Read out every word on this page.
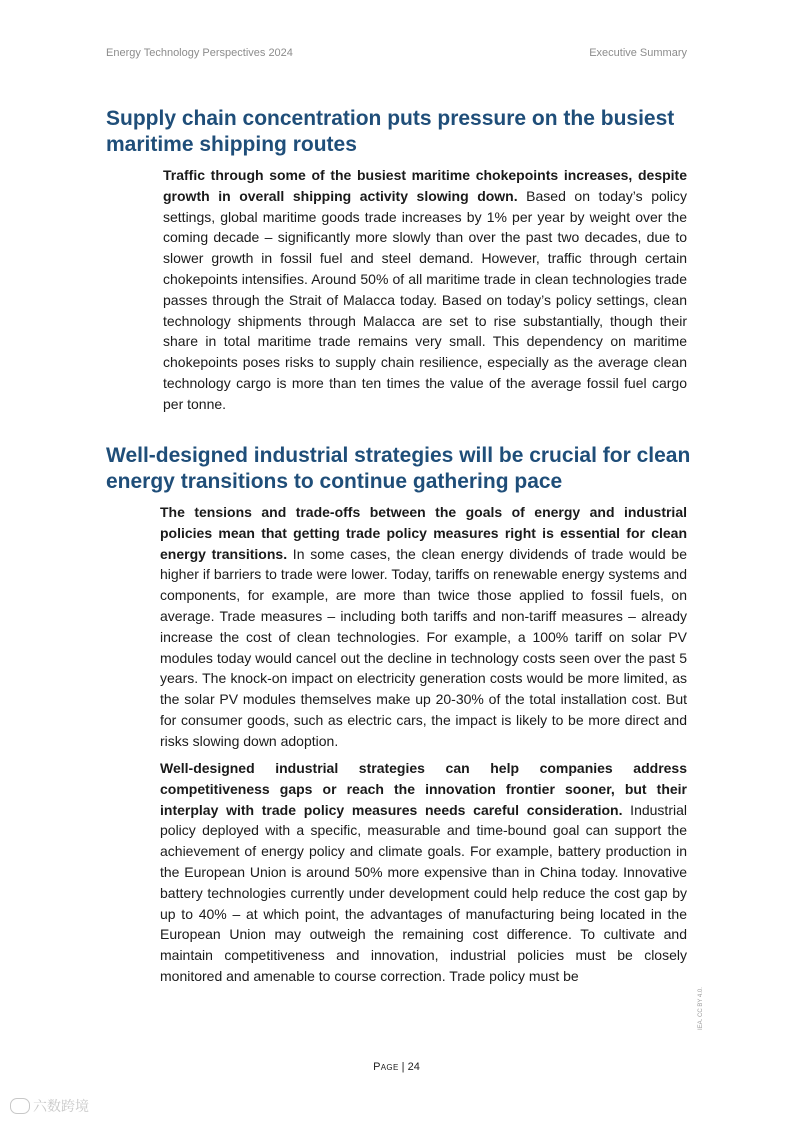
Energy Technology Perspectives 2024	Executive Summary
Supply chain concentration puts pressure on the busiest maritime shipping routes

Traffic through some of the busiest maritime chokepoints increases, despite growth in overall shipping activity slowing down. Based on today’s policy settings, global maritime goods trade increases by 1% per year by weight over the coming decade – significantly more slowly than over the past two decades, due to slower growth in fossil fuel and steel demand. However, traffic through certain chokepoints intensifies. Around 50% of all maritime trade in clean technologies trade passes through the Strait of Malacca today. Based on today’s policy settings, clean technology shipments through Malacca are set to rise substantially, though their share in total maritime trade remains very small. This dependency on maritime chokepoints poses risks to supply chain resilience, especially as the average clean technology cargo is more than ten times the value of the average fossil fuel cargo per tonne.

Well-designed industrial strategies will be crucial for clean energy transitions to continue gathering pace

The tensions and trade-offs between the goals of energy and industrial policies mean that getting trade policy measures right is essential for clean energy transitions. In some cases, the clean energy dividends of trade would be higher if barriers to trade were lower. Today, tariffs on renewable energy systems and components, for example, are more than twice those applied to fossil fuels, on average. Trade measures – including both tariffs and non-tariff measures – already increase the cost of clean technologies. For example, a 100% tariff on solar PV modules today would cancel out the decline in technology costs seen over the past 5 years. The knock-on impact on electricity generation costs would be more limited, as the solar PV modules themselves make up 20-30% of the total installation cost. But for consumer goods, such as electric cars, the impact is likely to be more direct and risks slowing down adoption.

Well-designed industrial strategies can help companies address competitiveness gaps or reach the innovation frontier sooner, but their interplay with trade policy measures needs careful consideration. Industrial policy deployed with a specific, measurable and time-bound goal can support the achievement of energy policy and climate goals. For example, battery production in the European Union is around 50% more expensive than in China today. Innovative battery technologies currently under development could help reduce the cost gap by up to 40% – at which point, the advantages of manufacturing being located in the European Union may outweigh the remaining cost difference. To cultivate and maintain competitiveness and innovation, industrial policies must be closely monitored and amenable to course correction. Trade policy must be

Page | 24
IEA. CC BY 4.0.
六数跨境
